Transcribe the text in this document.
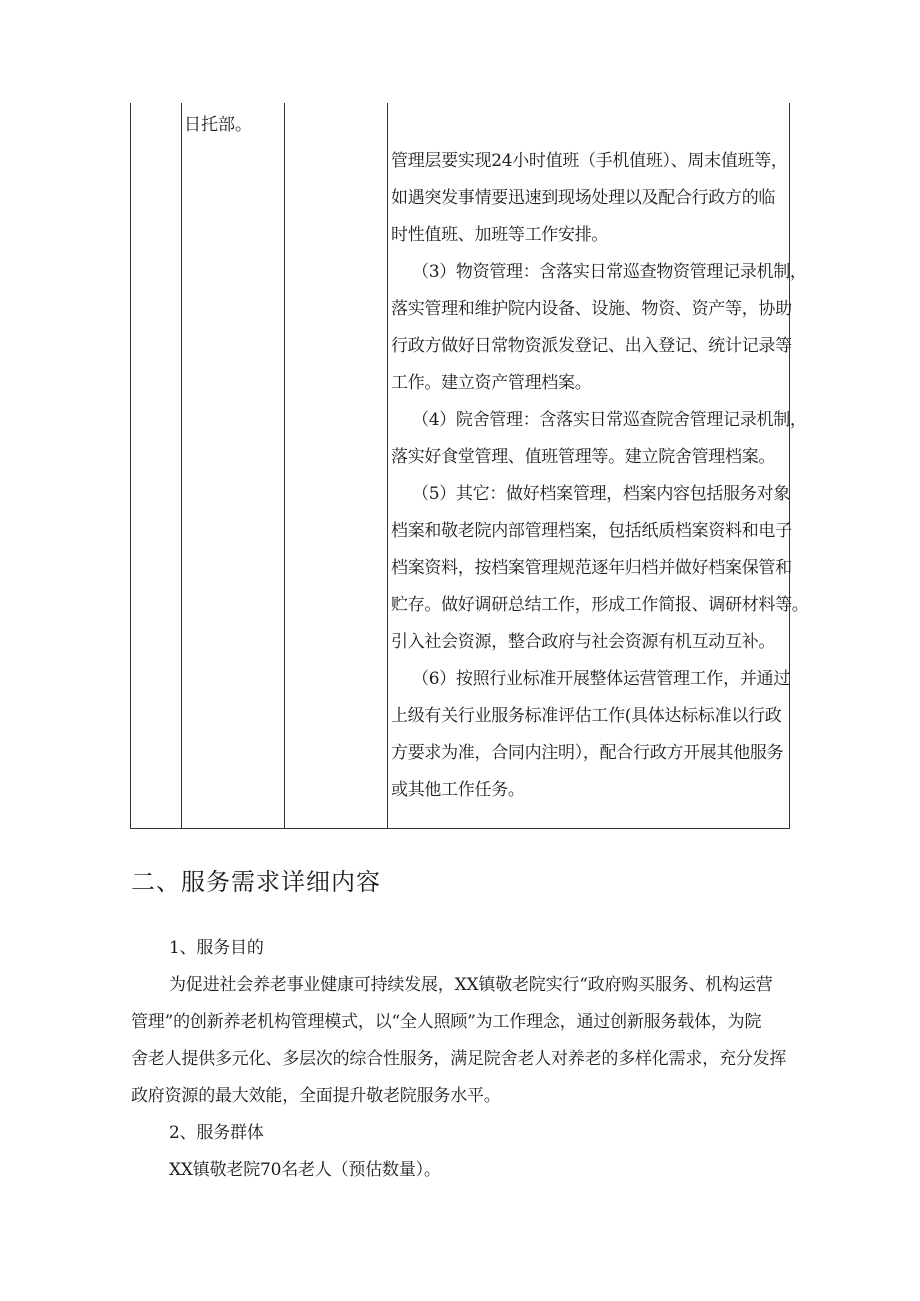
日托部。
管理层要实现24小时值班（手机值班）、周末值班等，
如遇突发事情要迅速到现场处理以及配合行政方的临
时性值班、加班等工作安排。
（3）物资管理：含落实日常巡查物资管理记录机制，
落实管理和维护院内设备、设施、物资、资产等，协助
行政方做好日常物资派发登记、出入登记、统计记录等
工作。建立资产管理档案。
（4）院舍管理：含落实日常巡查院舍管理记录机制，
落实好食堂管理、值班管理等。建立院舍管理档案。
（5）其它：做好档案管理，档案内容包括服务对象
档案和敬老院内部管理档案，包括纸质档案资料和电子
档案资料，按档案管理规范逐年归档并做好档案保管和
贮存。做好调研总结工作，形成工作简报、调研材料等。
引入社会资源，整合政府与社会资源有机互动互补。
（6）按照行业标准开展整体运营管理工作，并通过
上级有关行业服务标准评估工作(具体达标标准以行政
方要求为准，合同内注明），配合行政方开展其他服务
或其他工作任务。
二、服务需求详细内容

1、服务目的

为促进社会养老事业健康可持续发展，XX镇敬老院实行“政府购买服务、机构运营

管理”的创新养老机构管理模式，以“全人照顾”为工作理念，通过创新服务载体，为院

舍老人提供多元化、多层次的综合性服务，满足院舍老人对养老的多样化需求，充分发挥

政府资源的最大效能，全面提升敬老院服务水平。

2、服务群体

XX镇敬老院70名老人（预估数量）。
